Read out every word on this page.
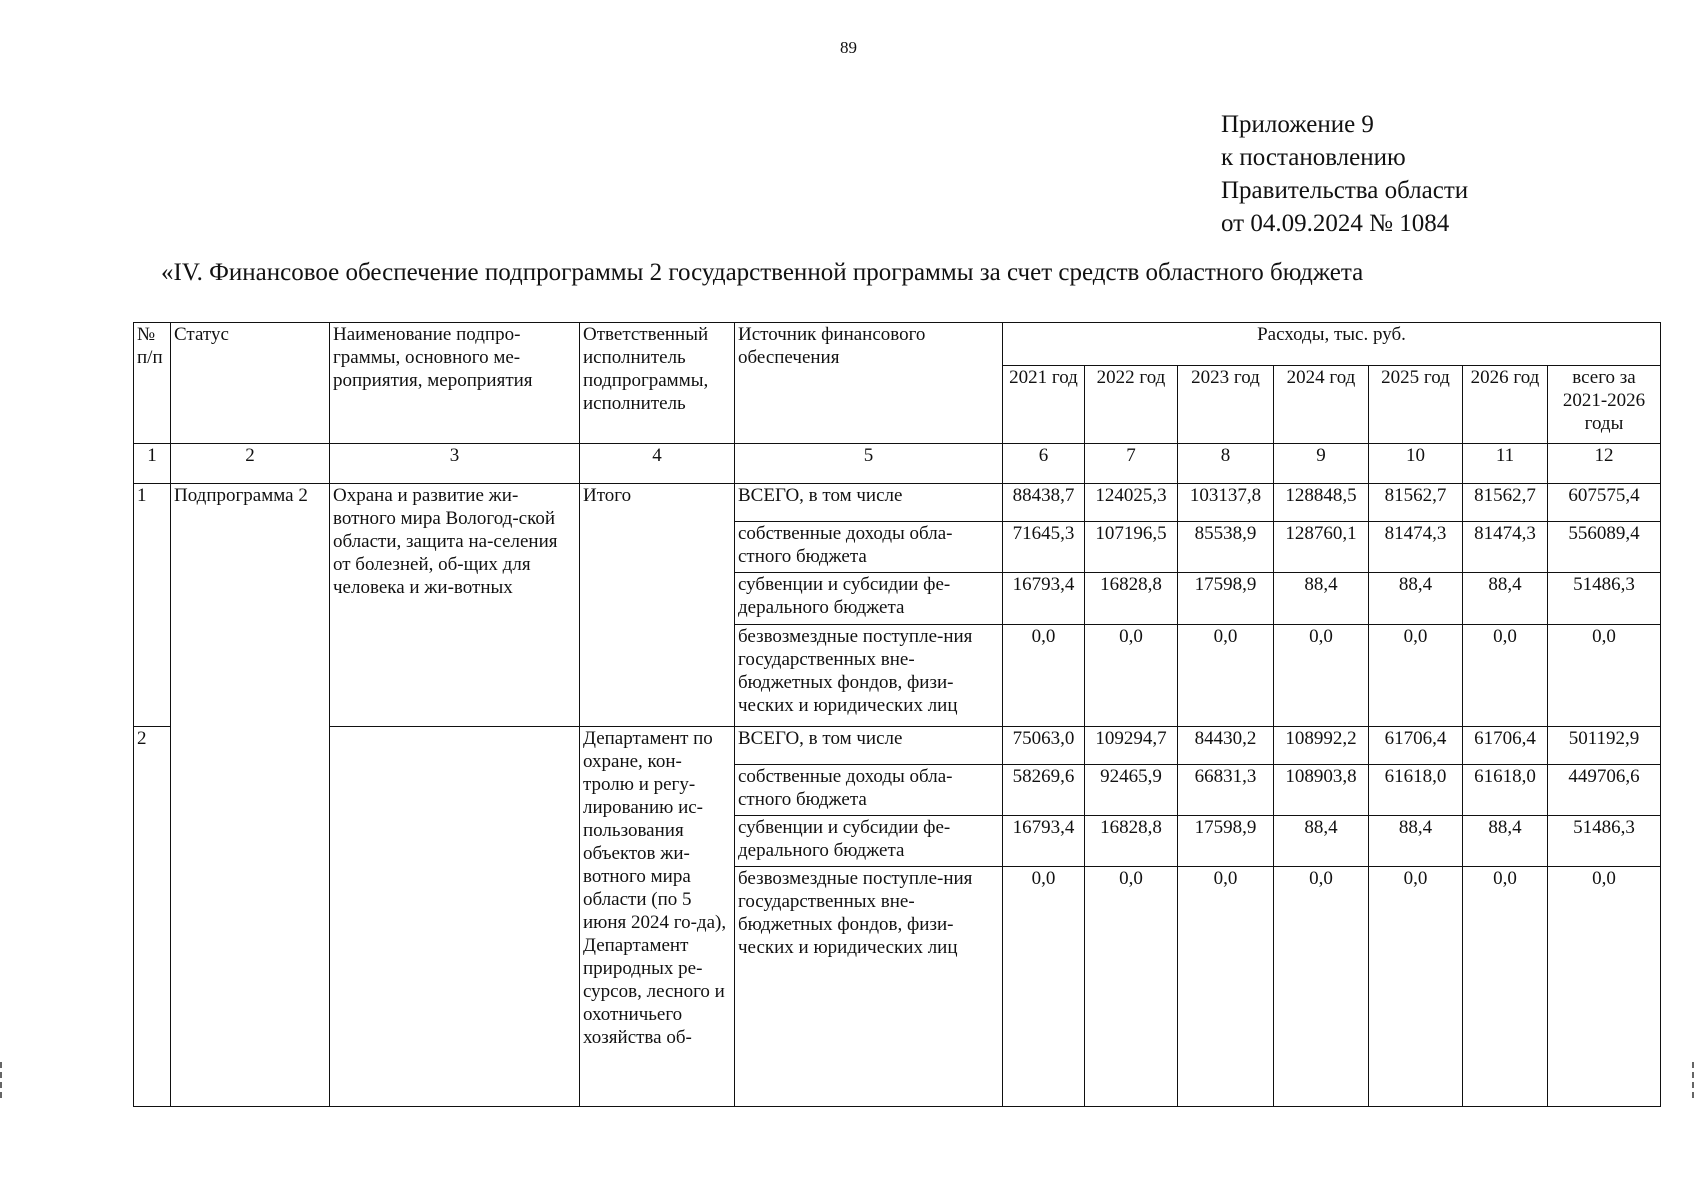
89
Приложение 9
к постановлению
Правительства области
от 04.09.2024 № 1084
«IV. Финансовое обеспечение подпрограммы 2 государственной программы за счет средств областного бюджета
№ п/п	Статус	Наименование подпро-граммы, основного ме-роприятия, мероприятия	Ответственный исполнитель подпрограммы, исполнитель	Источник финансового обеспечения	Расходы, тыс. руб.						
					2021 год	2022 год	2023 год	2024 год	2025 год	2026 год	всего за 2021-2026 годы
1	2	3	4	5	6	7	8	9	10	11	12
1	Подпрограмма 2	Охрана и развитие жи-вотного мира Вологод-ской области, защита на-селения от болезней, об-щих для человека и жи-вотных	Итого	ВСЕГО, в том числе	88438,7	124025,3	103137,8	128848,5	81562,7	81562,7	607575,4
				собственные доходы обла-стного бюджета	71645,3	107196,5	85538,9	128760,1	81474,3	81474,3	556089,4
				субвенции и субсидии фе-дерального бюджета	16793,4	16828,8	17598,9	88,4	88,4	88,4	51486,3
				безвозмездные поступле-ния государственных вне-бюджетных фондов, физи-ческих и юридических лиц	0,0	0,0	0,0	0,0	0,0	0,0	0,0
2			Департамент по охране, кон-тролю и регу-лированию ис-пользования объектов жи-вотного мира области (по 5 июня 2024 го-да), Департамент природных ре-сурсов, лесного и охотничьего хозяйства об-	ВСЕГО, в том числе	75063,0	109294,7	84430,2	108992,2	61706,4	61706,4	501192,9
				собственные доходы обла-стного бюджета	58269,6	92465,9	66831,3	108903,8	61618,0	61618,0	449706,6
				субвенции и субсидии фе-дерального бюджета	16793,4	16828,8	17598,9	88,4	88,4	88,4	51486,3
				безвозмездные поступле-ния государственных вне-бюджетных фондов, физи-ческих и юридических лиц	0,0	0,0	0,0	0,0	0,0	0,0	0,0
